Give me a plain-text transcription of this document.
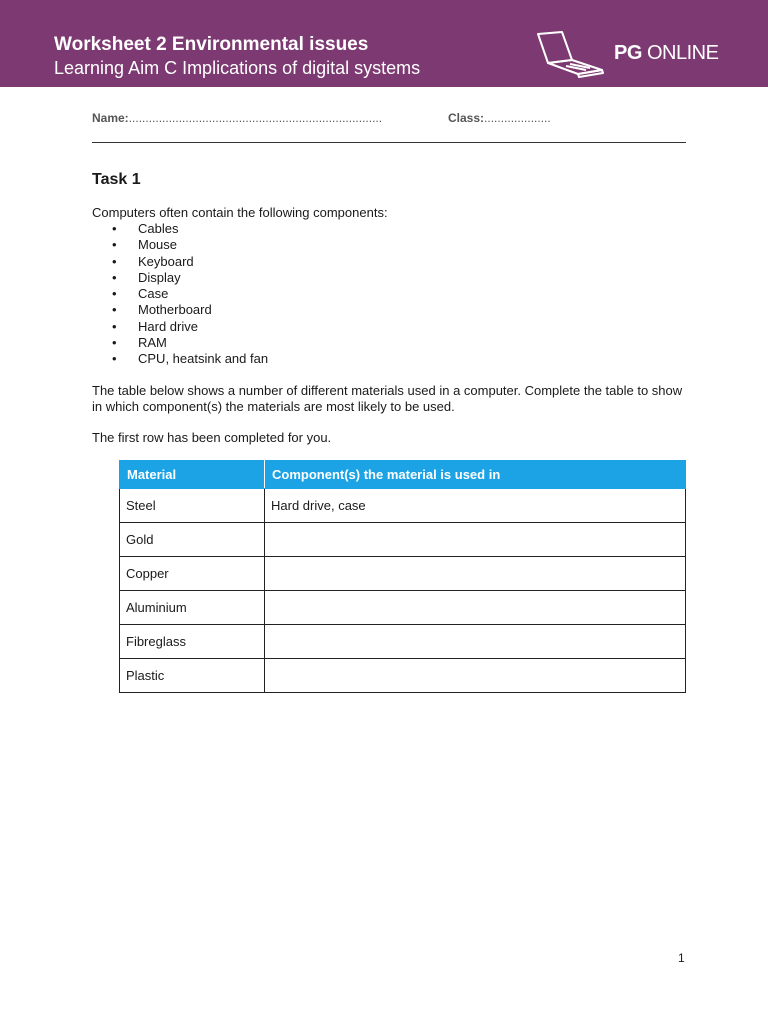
Worksheet 2 Environmental issues
Learning Aim C Implications of digital systems
PG ONLINE
Name:............................................................................	Class:....................
Task 1
Computers often contain the following components:
• Cables
• Mouse
• Keyboard
• Display
• Case
• Motherboard
• Hard drive
• RAM
• CPU, heatsink and fan
The table below shows a number of different materials used in a computer. Complete the table to show in which component(s) the materials are most likely to be used.
The first row has been completed for you.
Material	Component(s) the material is used in
Steel	Hard drive, case
Gold	
Copper	
Aluminium	
Fibreglass	
Plastic	
1
